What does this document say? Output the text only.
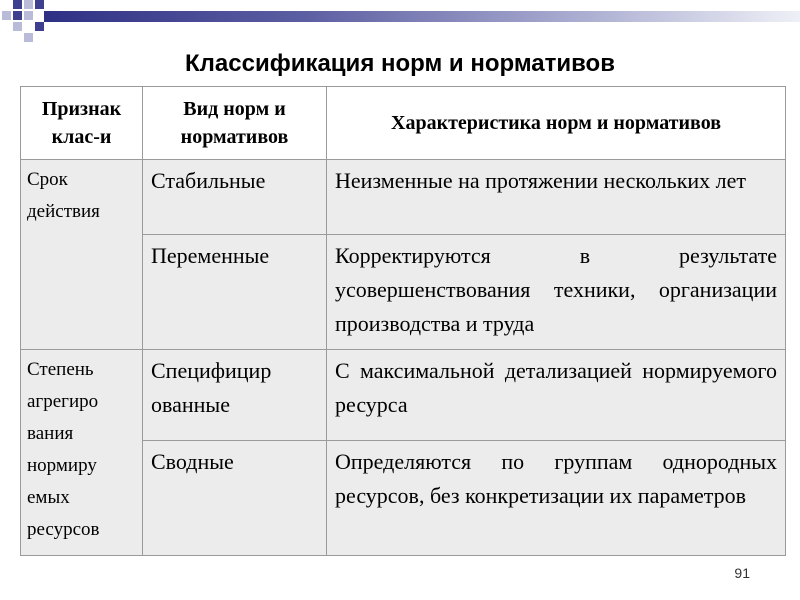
Классификация норм и нормативов
Признак клас-и	Вид норм и нормативов	Характеристика норм и нормативов
Срок действия	Стабильные	Неизменные на протяжении нескольких лет
	Переменные	Корректируются в результате усовершенствования техники, организации производства и труда
Степень агрегиро вания нормиру емых ресурсов	Специфицир ованные	С максимальной детализацией нормируемого ресурса
	Сводные	Определяются по группам однородных ресурсов, без конкретизации их параметров
91
